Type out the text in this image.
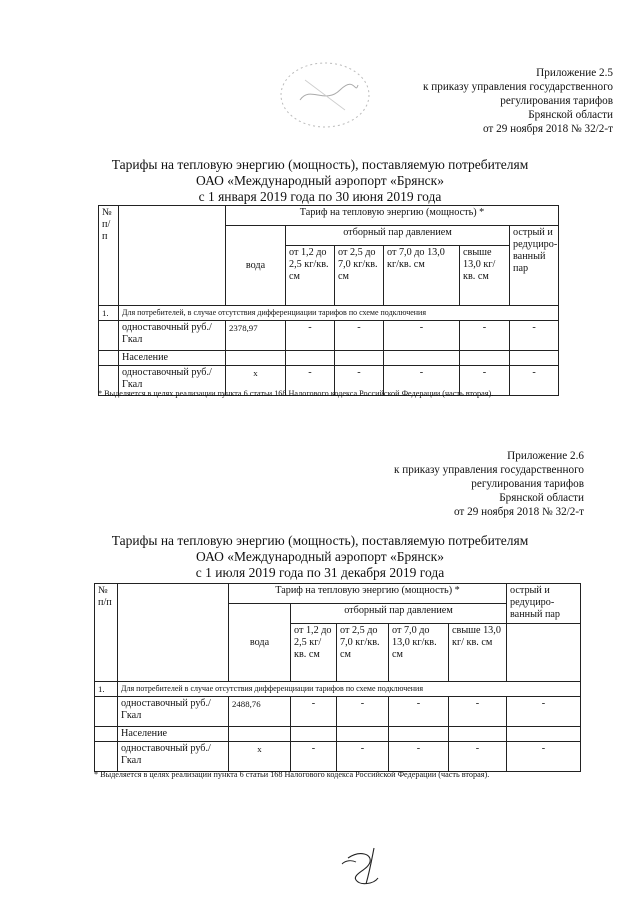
Приложение 2.5
к приказу управления государственного
регулирования тарифов
Брянской области
от 29 ноября 2018 № 32/2-т
Тарифы на тепловую энергию (мощность), поставляемую потребителям
ОАО «Международный аэропорт «Брянск»
с 1 января 2019 года по 30 июня 2019 года
№ п/п		Тариф на тепловую энергию (мощность) *					
		вода	отборный пар давлением				острый и редуциро-ванный пар
			от 1,2 до 2,5 кг/кв. см	от 2,5 до 7,0 кг/кв. см	от 7,0 до 13,0 кг/кв. см	свыше 13,0 кг/ кв. см	
1.	Для потребителей, в случае отсутствия дифференциации тарифов по схеме подключения						
	одноставочный руб./Гкал	2378,97	-	-	-	-	-
	Население						
	одноставочный руб./Гкал	х	-	-	-	-	-
* Выделяется в целях реализации пункта 6 статьи 168 Налогового кодекса Российской Федерации (часть вторая).
Приложение 2.6
к приказу управления государственного
регулирования тарифов
Брянской области
от 29 ноября 2018 № 32/2-т
Тарифы на тепловую энергию (мощность), поставляемую потребителям
ОАО «Международный аэропорт «Брянск»
с 1 июля 2019 года по 31 декабря 2019 года
№ п/п		Тариф на тепловую энергию (мощность) *					острый и редуциро-ванный пар
		вода	отборный пар давлением				
			от 1,2 до 2,5 кг/кв. см	от 2,5 до 7,0 кг/кв. см	от 7,0 до 13,0 кг/кв. см	свыше 13,0 кг/ кв. см	
1.	Для потребителей в случае отсутствия дифференциации тарифов по схеме подключения						
	одноставочный руб./Гкал	2488,76	-	-	-	-	-
	Население						
	одноставочный руб./Гкал	х	-	-	-	-	-
* Выделяется в целях реализации пункта 6 статьи 168 Налогового кодекса Российской Федерации (часть вторая).
